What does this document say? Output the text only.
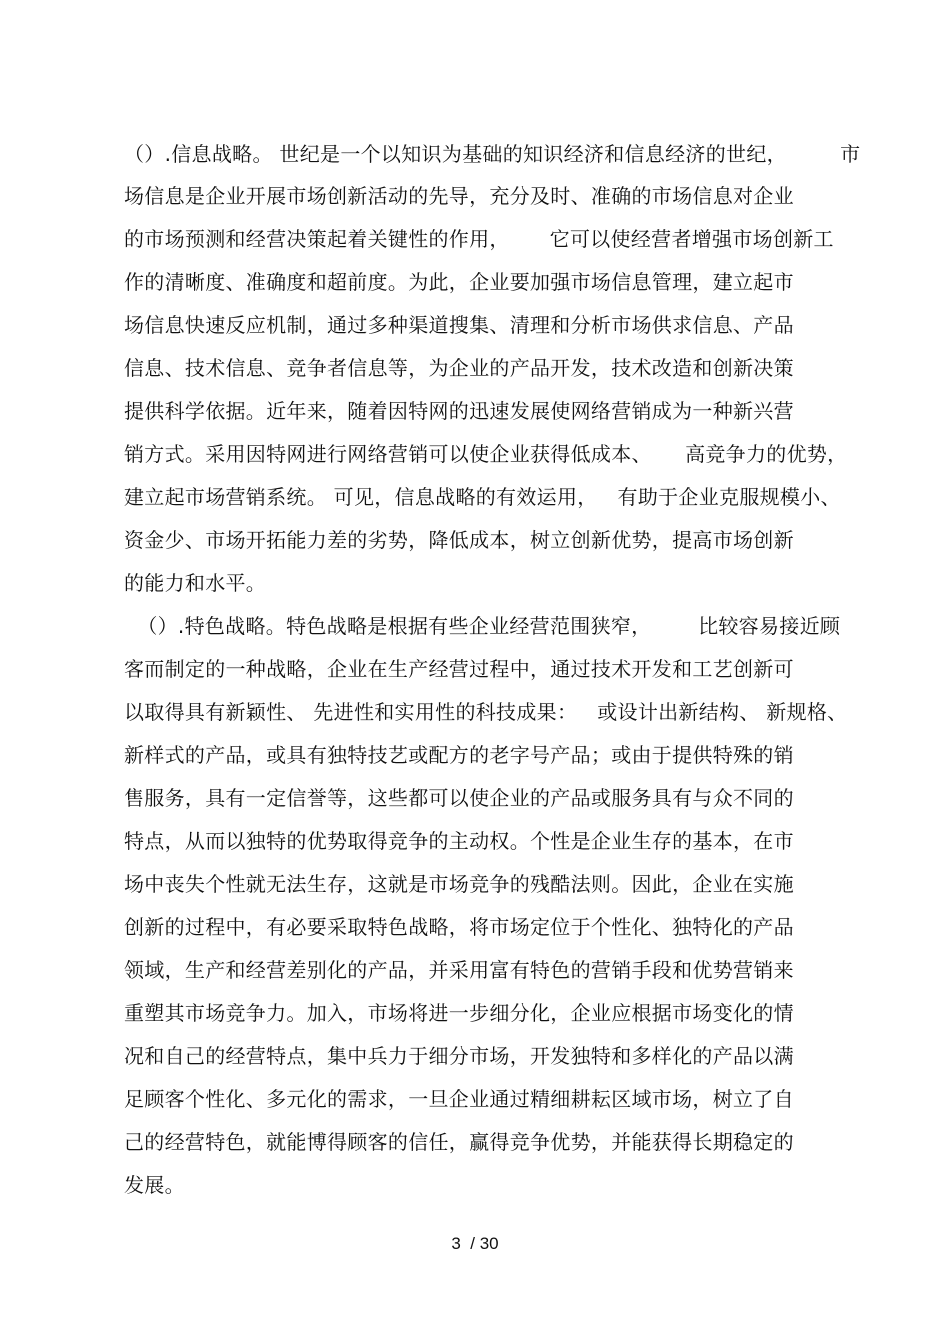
（）.信息战略。 世纪是一个以知识为基础的知识经济和信息经济的世纪，        市
场信息是企业开展市场创新活动的先导，充分及时、准确的市场信息对企业
的市场预测和经营决策起着关键性的作用，      它可以使经营者增强市场创新工
作的清晰度、准确度和超前度。为此，企业要加强市场信息管理，建立起市
场信息快速反应机制，通过多种渠道搜集、清理和分析市场供求信息、产品
信息、技术信息、竞争者信息等，为企业的产品开发，技术改造和创新决策
提供科学依据。近年来，随着因特网的迅速发展使网络营销成为一种新兴营
销方式。采用因特网进行网络营销可以使企业获得低成本、     高竞争力的优势，
建立起市场营销系统。 可见，信息战略的有效运用，   有助于企业克服规模小、
资金少、市场开拓能力差的劣势，降低成本，树立创新优势，提高市场创新
的能力和水平。
（）.特色战略。特色战略是根据有些企业经营范围狭窄，       比较容易接近顾
客而制定的一种战略，企业在生产经营过程中，通过技术开发和工艺创新可
以取得具有新颖性、 先进性和实用性的科技成果：   或设计出新结构、 新规格、
新样式的产品，或具有独特技艺或配方的老字号产品；或由于提供特殊的销
售服务，具有一定信誉等，这些都可以使企业的产品或服务具有与众不同的
特点，从而以独特的优势取得竞争的主动权。个性是企业生存的基本，在市
场中丧失个性就无法生存，这就是市场竞争的残酷法则。因此，企业在实施
创新的过程中，有必要采取特色战略，将市场定位于个性化、独特化的产品
领域，生产和经营差别化的产品，并采用富有特色的营销手段和优势营销来
重塑其市场竞争力。加入，市场将进一步细分化，企业应根据市场变化的情
况和自己的经营特点，集中兵力于细分市场，开发独特和多样化的产品以满
足顾客个性化、多元化的需求，一旦企业通过精细耕耘区域市场，树立了自
己的经营特色，就能博得顾客的信任，赢得竞争优势，并能获得长期稳定的
发展。
3  / 30
